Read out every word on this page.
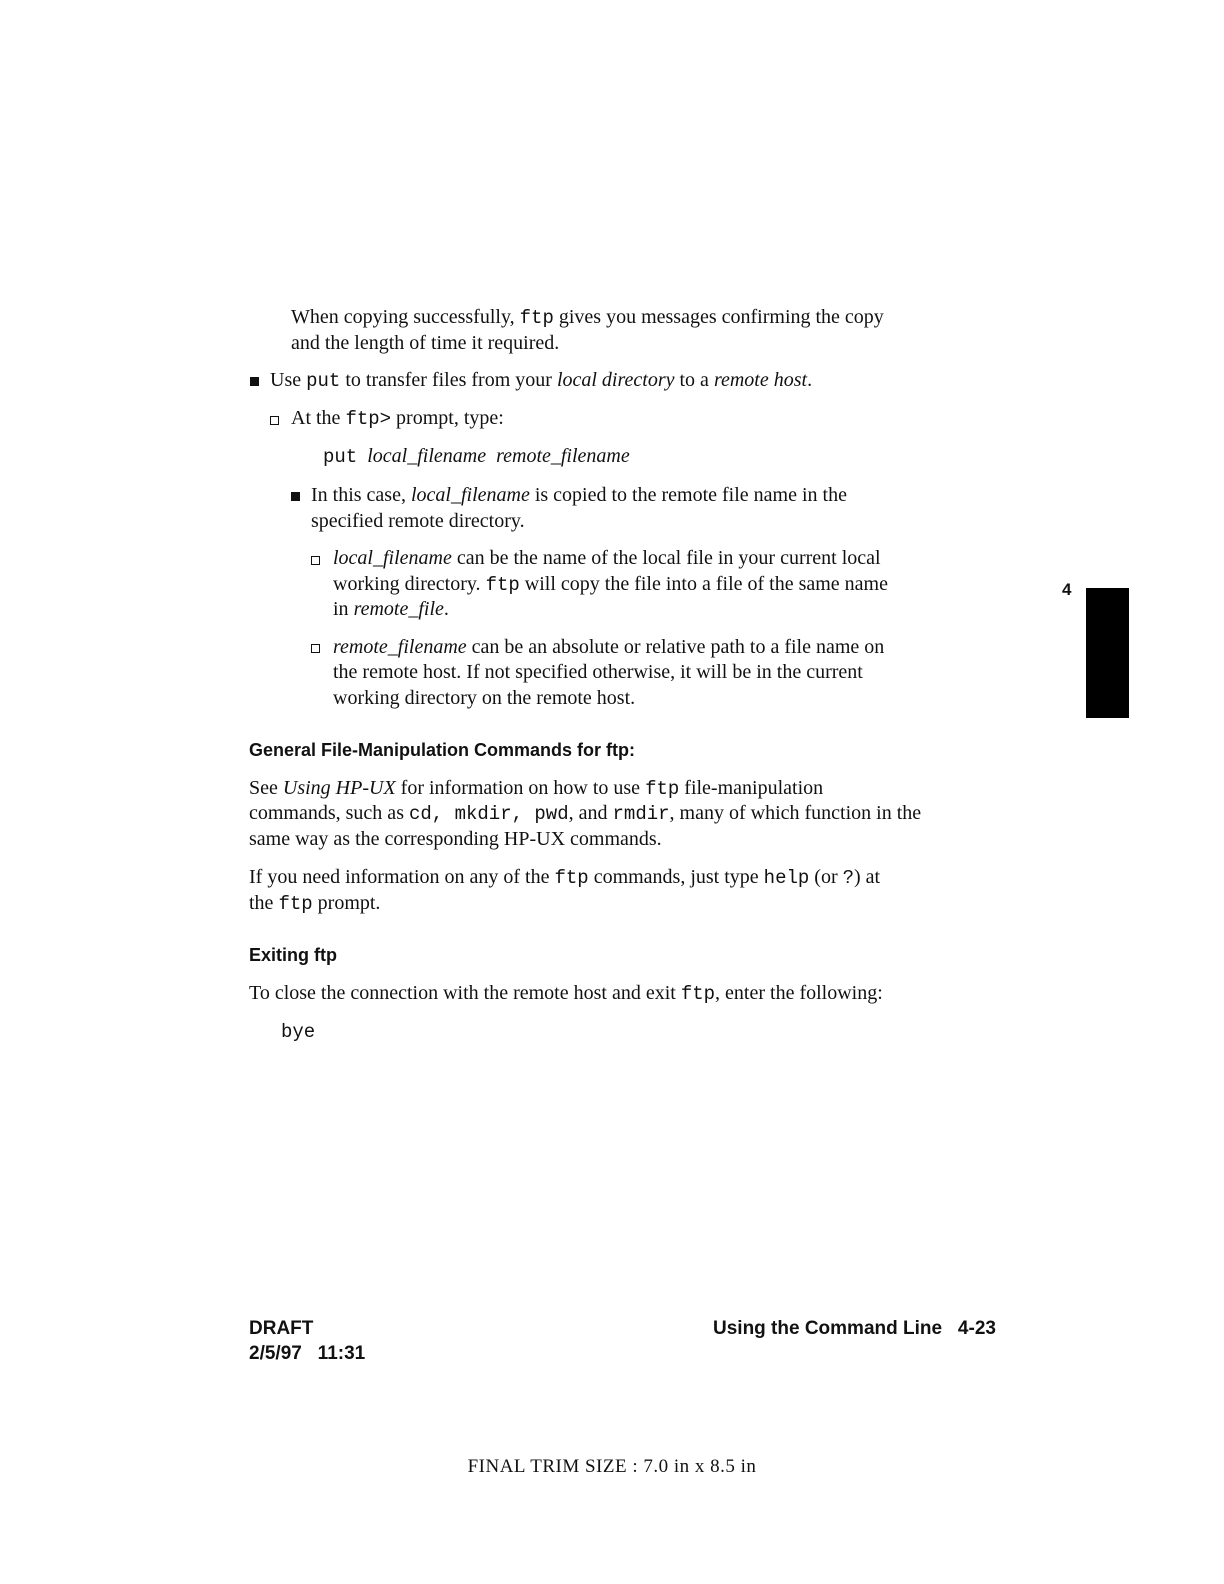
When copying successfully, ftp gives you messages confirming the copy
and the length of time it required.
Use put to transfer files from your local directory to a remote host.
At the ftp> prompt, type:
put local_filename remote_filename
In this case, local_filename is copied to the remote file name in the
specified remote directory.
local_filename can be the name of the local file in your current local
working directory. ftp will copy the file into a file of the same name
in remote_file.
remote_filename can be an absolute or relative path to a file name on
the remote host. If not specified otherwise, it will be in the current
working directory on the remote host.
General File-Manipulation Commands for ftp:
See Using HP-UX for information on how to use ftp file-manipulation
commands, such as cd, mkdir, pwd, and rmdir, many of which function in the
same way as the corresponding HP-UX commands.
If you need information on any of the ftp commands, just type help (or ?) at
the ftp prompt.
Exiting ftp
To close the connection with the remote host and exit ftp, enter the following:
bye
4
DRAFT
2/5/97 11:31
Using the Command Line 4-23
FINAL TRIM SIZE : 7.0 in x 8.5 in
